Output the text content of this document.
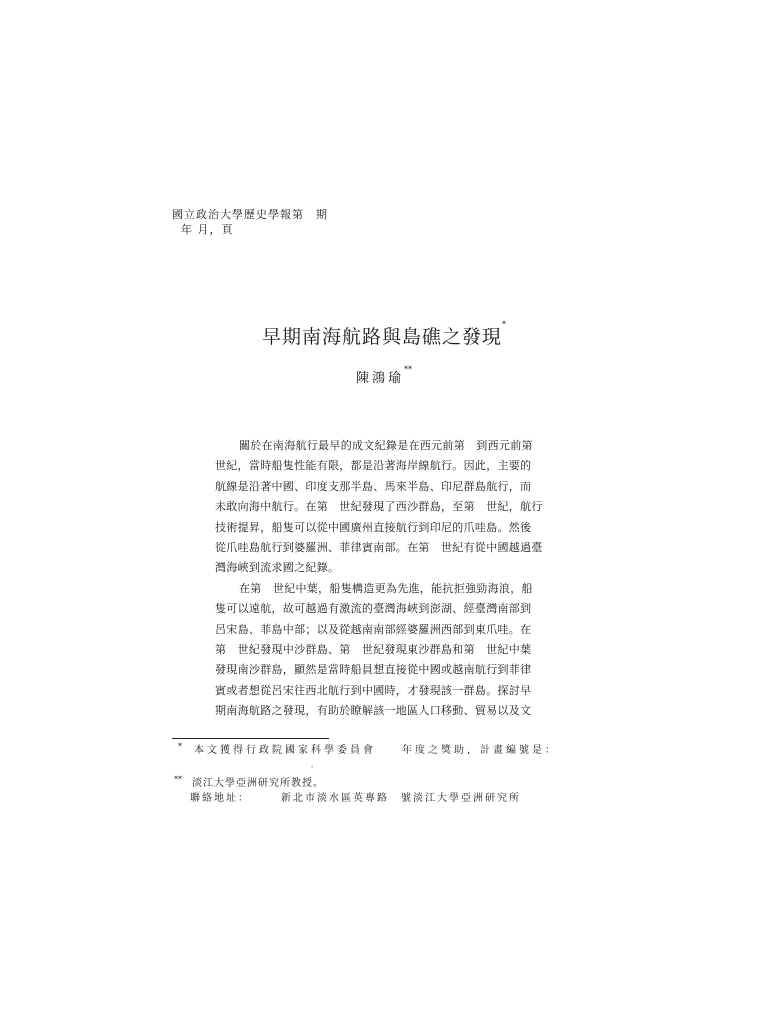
國立政治大學歷史學報第　期
年 月，頁
早期南海航路與島礁之發現*
陳鴻瑜**
關於在南海航行最早的成文紀錄是在西元前第　到西元前第
世紀，當時船隻性能有限，都是沿著海岸線航行。因此，主要的
航線是沿著中國、印度支那半島、馬來半島、印尼群島航行，而
未敢向海中航行。在第　世紀發現了西沙群島，至第　世紀，航行
技術提昇，船隻可以從中國廣州直接航行到印尼的爪哇島。然後
從爪哇島航行到婆羅洲、菲律賓南部。在第　世紀有從中國越過臺
灣海峽到流求國之紀錄。
在第　世紀中葉，船隻構造更為先進，能抗拒強勁海浪，船
隻可以遠航，故可越過有激流的臺灣海峽到澎湖、經臺灣南部到
呂宋島、菲島中部；以及從越南南部經婆羅洲西部到東爪哇。在
第　世紀發現中沙群島、第　世紀發現東沙群島和第　世紀中葉
發現南沙群島，顯然是當時船員想直接從中國或越南航行到菲律
賓或者想從呂宋往西北航行到中國時，才發現該一群島。探討早
期南海航路之發現，有助於瞭解該一地區人口移動、貿易以及文
*	本文獲得行政院國家科學委員會　　年度之獎助，計畫編號是：
。
**	淡江大學亞洲研究所教授。
聯絡地址：　　　新北市淡水區英專路　號淡江大學亞洲研究所
